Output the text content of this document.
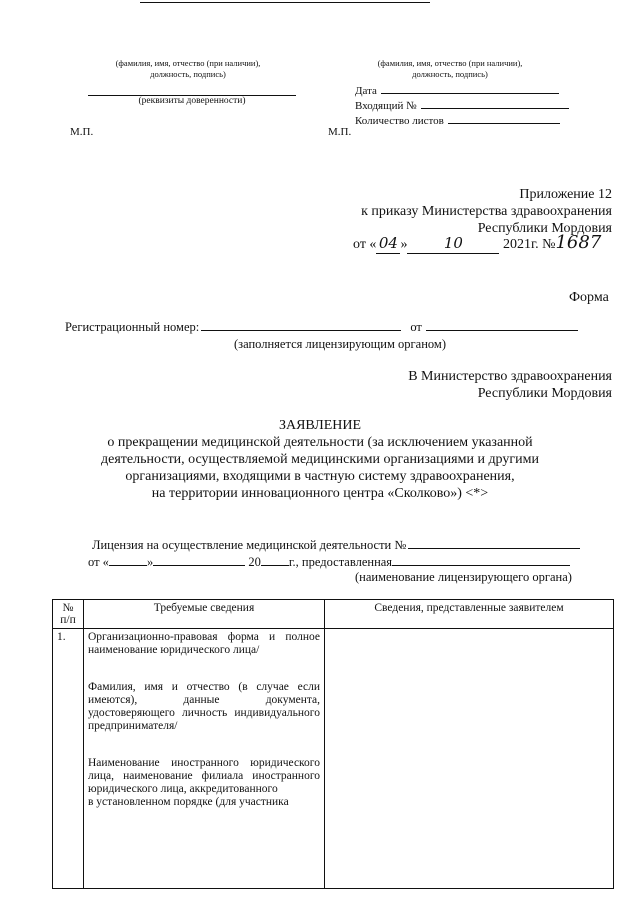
(фамилия, имя, отчество (при наличии),
должность, подпись)
(реквизиты доверенности)
(фамилия, имя, отчество (при наличии),
должность, подпись)
Дата
Входящий №
Количество листов
М.П.	М.П.
Приложение 12
к приказу Министерства здравоохранения
Республики Мордовия
от « 04 » 10	2021г. №1687
Форма
Регистрационный номер:	от
(заполняется лицензирующим органом)
В Министерство здравоохранения
Республики Мордовия
ЗАЯВЛЕНИЕ
о прекращении медицинской деятельности (за исключением указанной
деятельности, осуществляемой медицинскими организациями и другими
организациями, входящими в частную систему здравоохранения,
на территории инновационного центра «Сколково») <*>
Лицензия на осуществление медицинской деятельности №
от «	»	20 г., предоставленная
(наименование лицензирующего органа)
№ п/п	Требуемые сведения	Сведения, представленные заявителем
1.	Организационно-правовая форма и полное наименование юридического лица/

Фамилия, имя и отчество (в случае если имеются), данные документа, удостоверяющего личность индивидуального предпринимателя/

Наименование иностранного юридического лица, наименование филиала иностранного юридического лица, аккредитованного

в установленном порядке (для участника	
